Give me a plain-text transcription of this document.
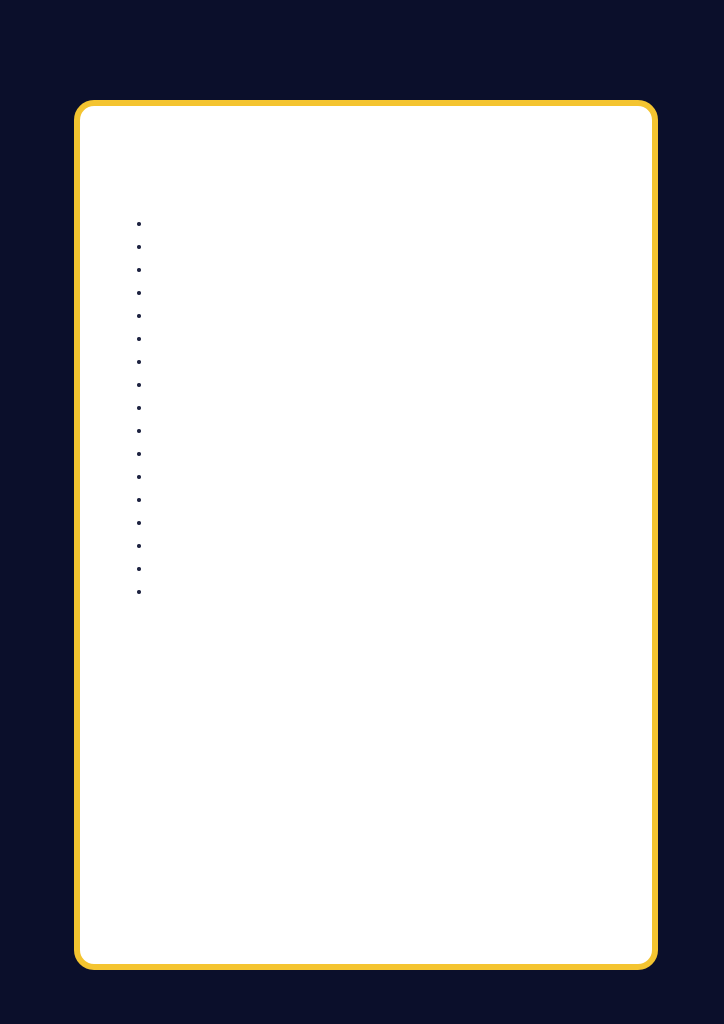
•
•
•
•
•
•
•
•
•
•
•
•
•
•
•
•
•
